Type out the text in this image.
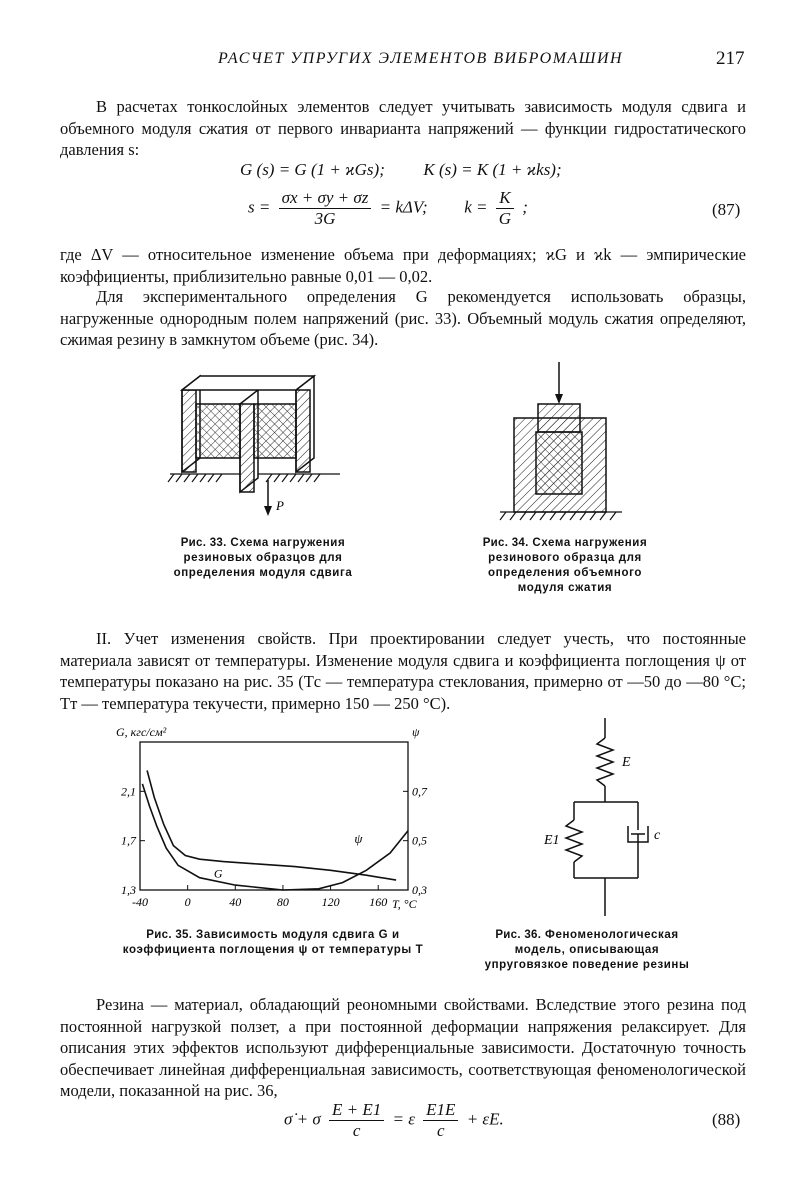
РАСЧЕТ УПРУГИХ ЭЛЕМЕНТОВ ВИБРОМАШИН	217

В расчетах тонкослойных элементов следует учитывать зависимость модуля сдвига и объемного модуля сжатия от первого инварианта напряжений — функции гидростатического давления s:

G (s) = G (1 + ϰGs); K (s) = K (1 + ϰks);
$s = \frac{\sigma x + \sigma y + \sigma z}{3G} = k\Delta V$; $k = \frac{K}{G}$ ;	(87)

где ΔV — относительное изменение объема при деформациях; ϰG и ϰk — эмпирические коэффициенты, приблизительно равные 0,01 — 0,02.

Для экспериментального определения G рекомендуется использовать образцы, нагруженные однородным полем напряжений (рис. 33). Объемный модуль сжатия определяют, сжимая резину в замкнутом объеме (рис. 34).

P
Рис. 33. Схема нагружения резиновых образцов для определения модуля сдвига
Рис. 34. Схема нагружения резинового образца для определения объемного модуля сжатия

II. Учет изменения свойств. При проектировании следует учесть, что постоянные материала зависят от температуры. Изменение модуля сдвига и коэффициента поглощения ψ от температуры показано на рис. 35 (Tс — температура стеклования, примерно от —50 до —80 °С; Tт — температура текучести, примерно 150 — 250 °С).

G, кгс/см²	ψ
T, °C
-40	0	40	80	120 160
1,3
1,7
2,1
0,3
0,5
0,7
G
ψ
Рис. 35. Зависимость модуля сдвига G и коэффициента поглощения ψ от температуры T
E
E1	c
Рис. 36. Феноменологическая модель, описывающая упруговязкое поведение резины

Резина — материал, обладающий реономными свойствами. Вследствие этого резина под постоянной нагрузкой ползет, а при постоянной деформации напряжения релаксирует. Для описания этих эффектов используют дифференциальные зависимости. Достаточную точность обеспечивает линейная дифференциальная зависимость, соответствующая феноменологической модели, показанной на рис. 36,

σ̇ + σ $\frac{E + E1}{c} = \varepsilon \frac{E1E}{c}$ + ε̇E.	(88)
